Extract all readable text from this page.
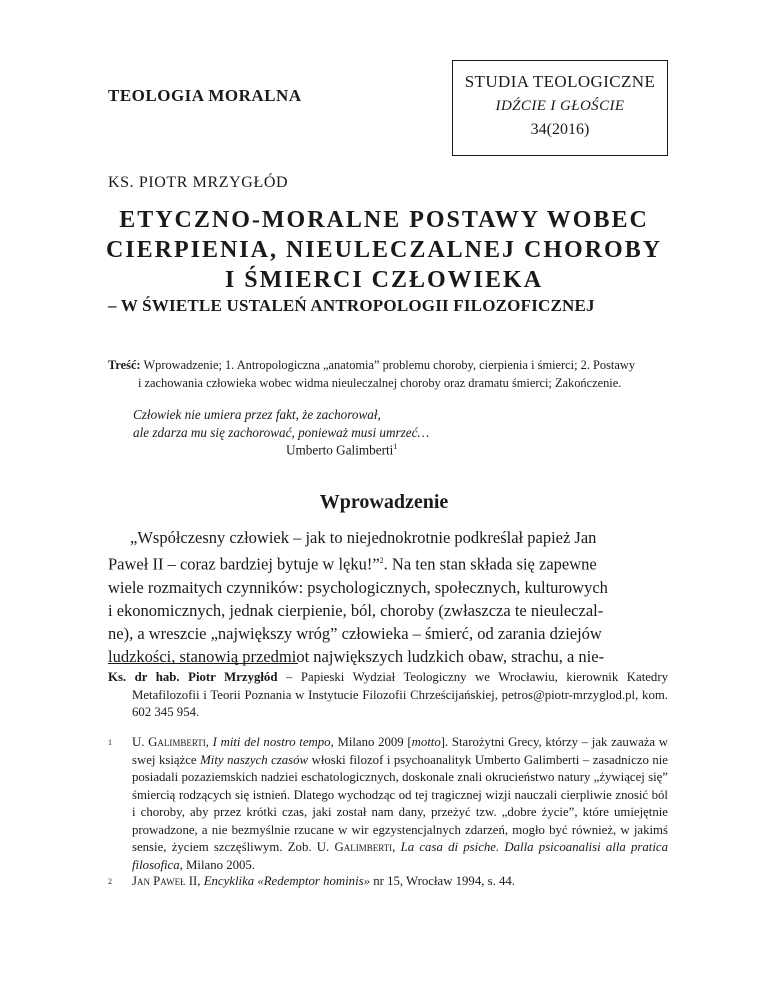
TEOLOGIA MORALNA
STUDIA TEOLOGICZNE
IDŹCIE I GŁOŚCIE
34(2016)
KS. PIOTR MRZYGŁÓD
ETYCZNO-MORALNE POSTAWY WOBEC
CIERPIENIA, NIEULECZALNEJ CHOROBY
I ŚMIERCI CZŁOWIEKA
– W ŚWIETLE USTALEŃ ANTROPOLOGII FILOZOFICZNEJ
Treść: Wprowadzenie; 1. Antropologiczna „anatomia” problemu choroby, cierpienia i śmierci; 2. Postawy
i zachowania człowieka wobec widma nieuleczalnej choroby oraz dramatu śmierci; Zakończenie.
Człowiek nie umiera przez fakt, że zachorował,
ale zdarza mu się zachorować, ponieważ musi umrzeć…
Umberto Galimberti$^1$
Wprowadzenie
„Współczesny człowiek – jak to niejednokrotnie podkreślał papież Jan
Paweł II – coraz bardziej bytuje w lęku!”$^2$. Na ten stan składa się zapewne
wiele rozmaitych czynników: psychologicznych, społecznych, kulturowych
i ekonomicznych, jednak cierpienie, ból, choroby (zwłaszcza te nieuleczal-
ne), a wreszcie „największy wróg” człowieka – śmierć, od zarania dziejów
ludzkości, stanowią przedmiot największych ludzkich obaw, strachu, a nie-
Ks. dr hab. Piotr Mrzygłód – Papieski Wydział Teologiczny we Wrocławiu, kierownik Katedry Metafilozofii i Teorii Poznania w Instytucie Filozofii Chrześcijańskiej, petros@piotr-mrzyglod.pl, kom. 602 345 954.
1	U. Galimberti, I miti del nostro tempo, Milano 2009 [motto]. Starożytni Grecy, którzy – jak zauważa w swej książce Mity naszych czasów włoski filozof i psychoanalityk Umberto Galimberti – zasadniczo nie posiadali pozaziemskich nadziei eschatologicznych, doskonale znali okrucieństwo natury „żywiącej się” śmiercią rodzących się istnień. Dlatego wychodząc od tej tragicznej wizji nauczali cierpliwie znosić ból i choroby, aby przez krótki czas, jaki został nam dany, przeżyć tzw. „dobre życie”, które umiejętnie prowadzone, a nie bezmyślnie rzucane w wir egzystencjalnych zdarzeń, mogło być również, w jakimś sensie, życiem szczęśliwym. Zob. U. Galimberti, La casa di psiche. Dalla psicoanalisi alla pratica filosofica, Milano 2005.
2	Jan Paweł II, Encyklika «Redemptor hominis» nr 15, Wrocław 1994, s. 44.
